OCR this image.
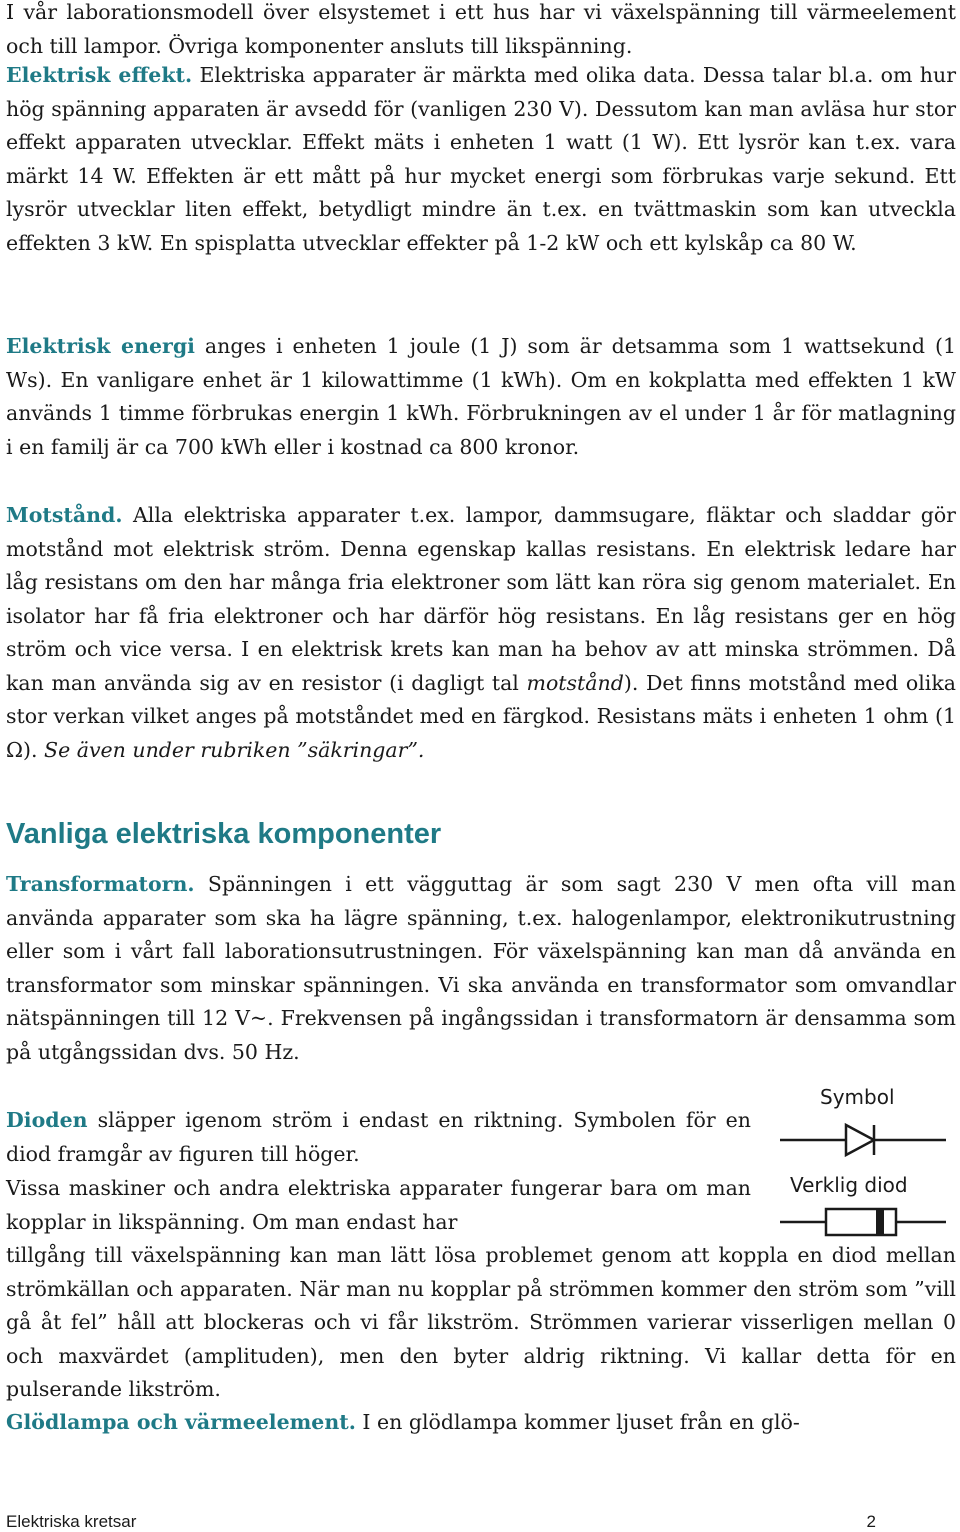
I vår laborationsmodell över elsystemet i ett hus har vi växelspänning till värmeelement och till lampor. Övriga komponenter ansluts till likspänning.

Elektrisk effekt. Elektriska apparater är märkta med olika data. Dessa talar bl.a. om hur hög spänning apparaten är avsedd för (vanligen 230 V). Dessutom kan man avläsa hur stor effekt apparaten utvecklar. Effekt mäts i enheten 1 watt (1 W). Ett lysrör kan t.ex. vara märkt 14 W. Effekten är ett mått på hur mycket energi som förbrukas varje sekund. Ett lysrör utvecklar liten effekt, betydligt mindre än t.ex. en tvättmaskin som kan utveckla effekten 3 kW. En spisplatta utvecklar effekter på 1-2 kW och ett kylskåp ca 80 W.

Elektrisk energi anges i enheten 1 joule (1 J) som är detsamma som 1 wattsekund (1 Ws). En vanligare enhet är 1 kilowattimme (1 kWh). Om en kokplatta med effekten 1 kW används 1 timme förbrukas energin 1 kWh. Förbrukningen av el under 1 år för matlagning i en familj är ca 700 kWh eller i kostnad ca 800 kronor.

Motstånd. Alla elektriska apparater t.ex. lampor, dammsugare, fläktar och sladdar gör motstånd mot elektrisk ström. Denna egenskap kallas resistans. En elektrisk ledare har låg resistans om den har många fria elektroner som lätt kan röra sig genom materialet. En isolator har få fria elektroner och har därför hög resistans. En låg resistans ger en hög ström och vice versa. I en elektrisk krets kan man ha behov av att minska strömmen. Då kan man använda sig av en resistor (i dagligt tal motstånd). Det finns motstånd med olika stor verkan vilket anges på motståndet med en färgkod. Resistans mäts i enheten 1 ohm (1 Ω). Se även under rubriken ”säkringar”.

Vanliga elektriska komponenter

Transformatorn. Spänningen i ett vägguttag är som sagt 230 V men ofta vill man använda apparater som ska ha lägre spänning, t.ex. halogenlampor, elektronikutrustning eller som i vårt fall laborationsutrustningen. För växelspänning kan man då använda en transformator som minskar spänningen. Vi ska använda en transformator som omvandlar nätspänningen till 12 V~. Frekvensen på ingångssidan i transformatorn är densamma som på utgångssidan dvs. 50 Hz.

Dioden släpper igenom ström i endast en riktning. Symbolen för en diod framgår av figuren till höger.

Vissa maskiner och andra elektriska apparater fungerar bara om man kopplar in likspänning. Om man endast har

tillgång till växelspänning kan man lätt lösa problemet genom att koppla en diod mellan strömkällan och apparaten. När man nu kopplar på strömmen kommer den ström som ”vill gå åt fel” håll att blockeras och vi får likström. Strömmen varierar visserligen mellan 0 och maxvärdet (amplituden), men den byter aldrig riktning. Vi kallar detta för en pulserande likström.

Glödlampa och värmeelement. I en glödlampa kommer ljuset från en glö-

Symbol
Verklig diod
Elektriska kretsar	2
